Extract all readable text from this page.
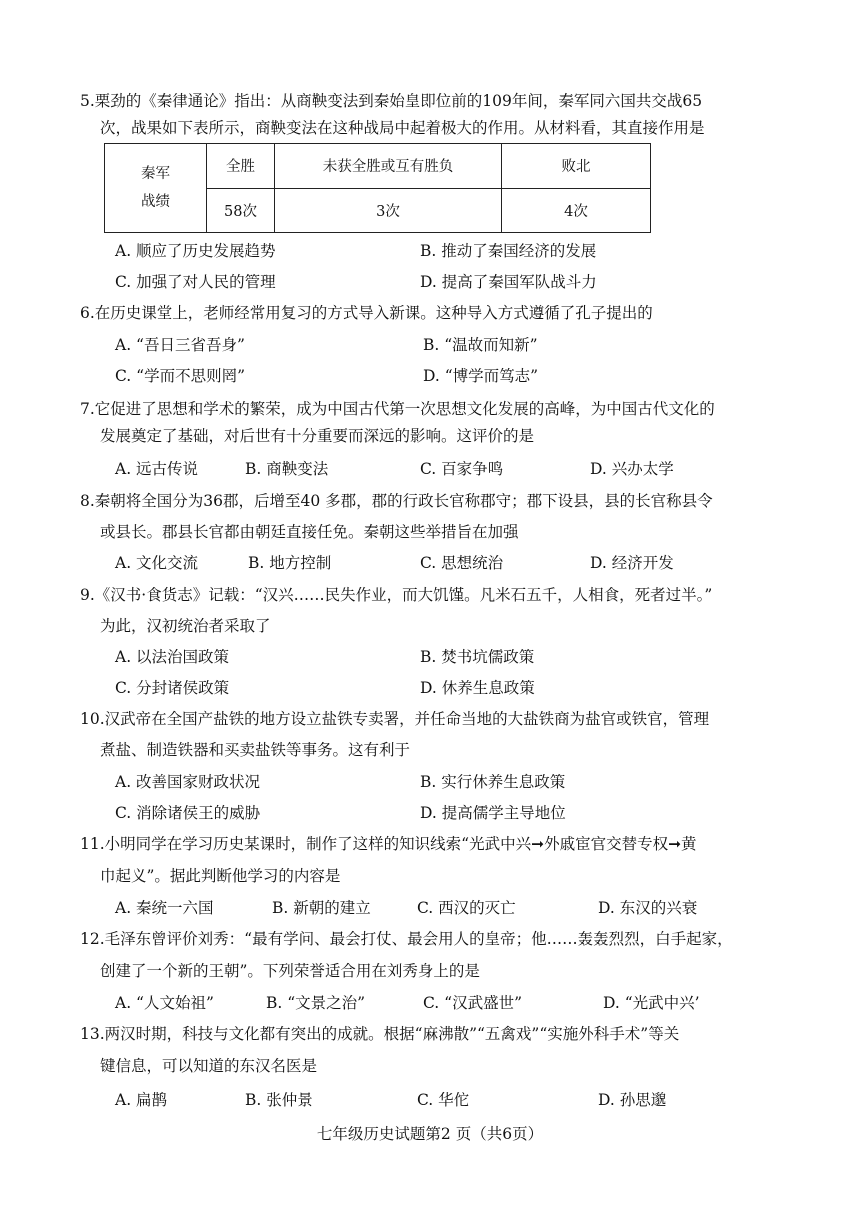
5.栗劲的《秦律通论》指出：从商鞅变法到秦始皇即位前的109年间，秦军同六国共交战65
次，战果如下表所示，商鞅变法在这种战局中起着极大的作用。从材料看，其直接作用是
秦军战绩	全胜	未获全胜或互有胜负	败北
	58次	3次	4次
A. 顺应了历史发展趋势	B. 推动了秦国经济的发展
C. 加强了对人民的管理	D. 提高了秦国军队战斗力
6.在历史课堂上，老师经常用复习的方式导入新课。这种导入方式遵循了孔子提出的
A. “吾日三省吾身”	B. “温故而知新”
C. “学而不思则罔”	D. “博学而笃志”
7.它促进了思想和学术的繁荣，成为中国古代第一次思想文化发展的高峰，为中国古代文化的
发展奠定了基础，对后世有十分重要而深远的影响。这评价的是
A. 远古传说	B. 商鞅变法	C. 百家争鸣	D. 兴办太学
8.秦朝将全国分为36郡，后增至40 多郡，郡的行政长官称郡守；郡下设县，县的长官称县令
或县长。郡县长官都由朝廷直接任免。秦朝这些举措旨在加强
A. 文化交流	B. 地方控制	C. 思想统治	D. 经济开发
9.《汉书·食货志》记载：“汉兴……民失作业，而大饥馑。凡米石五千，人相食，死者过半。”
为此，汉初统治者采取了
A. 以法治国政策	B. 焚书坑儒政策
C. 分封诸侯政策	D. 休养生息政策
10.汉武帝在全国产盐铁的地方设立盐铁专卖署，并任命当地的大盐铁商为盐官或铁官，管理
煮盐、制造铁器和买卖盐铁等事务。这有利于
A. 改善国家财政状况	B. 实行休养生息政策
C. 消除诸侯王的威胁	D. 提高儒学主导地位
11.小明同学在学习历史某课时，制作了这样的知识线索“光武中兴➞外戚宦官交替专权➞黄
巾起义”。据此判断他学习的内容是
A. 秦统一六国	B. 新朝的建立	C. 西汉的灭亡	D. 东汉的兴衰
12.毛泽东曾评价刘秀：“最有学问、最会打仗、最会用人的皇帝；他……轰轰烈烈，白手起家，
创建了一个新的王朝”。下列荣誉适合用在刘秀身上的是
A. “人文始祖”	B. “文景之治”	C. “汉武盛世”	D. “光武中兴’
13.两汉时期，科技与文化都有突出的成就。根据“麻沸散”“五禽戏”“实施外科手术”等关
键信息，可以知道的东汉名医是
A. 扁鹊	B. 张仲景	C. 华佗	D. 孙思邈
七年级历史试题第2 页（共6页）
